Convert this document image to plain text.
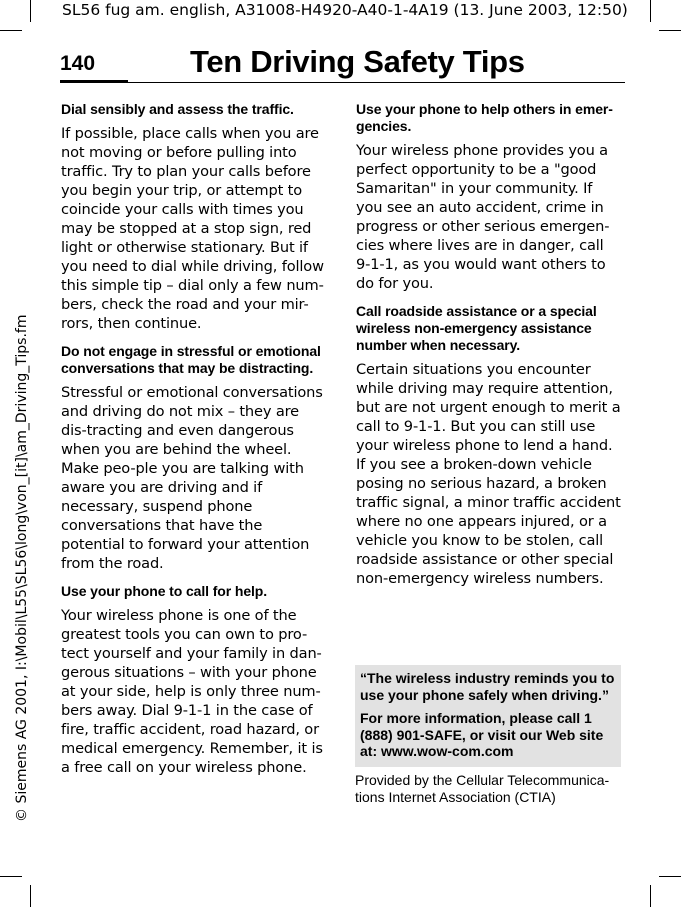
SL56 fug am. english, A31008-H4920-A40-1-4A19 (13. June 2003, 12:50)
140	Ten Driving Safety Tips
© Siemens AG 2001, I:\Mobil\L55\SL56\long\von_[it]\am_Driving_Tips.fm

Dial sensibly and assess the traffic.

If possible, place calls when you are not moving or before pulling into traffic. Try to plan your calls before you begin your trip, or attempt to coincide your calls with times you may be stopped at a stop sign, red light or otherwise stationary. But if you need to dial while driving, follow this simple tip – dial only a few num-bers, check the road and your mir-rors, then continue.

Do not engage in stressful or emotional conversations that may be distracting.

Stressful or emotional conversations and driving do not mix – they are dis-tracting and even dangerous when you are behind the wheel. Make peo-ple you are talking with aware you are driving and if necessary, suspend phone conversations that have the potential to forward your attention from the road.

Use your phone to call for help.

Your wireless phone is one of the greatest tools you can own to pro-tect yourself and your family in dan-gerous situations – with your phone at your side, help is only three num-bers away. Dial 9-1-1 in the case of fire, traffic accident, road hazard, or medical emergency. Remember, it is a free call on your wireless phone.

Use your phone to help others in emer-gencies.

Your wireless phone provides you a perfect opportunity to be a "good Samaritan" in your community. If you see an auto accident, crime in progress or other serious emergen-cies where lives are in danger, call 9-1-1, as you would want others to do for you.

Call roadside assistance or a special wireless non-emergency assistance number when necessary.

Certain situations you encounter while driving may require attention, but are not urgent enough to merit a call to 9-1-1. But you can still use your wireless phone to lend a hand. If you see a broken-down vehicle posing no serious hazard, a broken traffic signal, a minor traffic accident where no one appears injured, or a vehicle you know to be stolen, call roadside assistance or other special non-emergency wireless numbers.

“The wireless industry reminds you to use your phone safely when driving.”

For more information, please call 1 (888) 901-SAFE, or visit our Web site at: www.wow-com.com

Provided by the Cellular Telecommunica-tions Internet Association (CTIA)
